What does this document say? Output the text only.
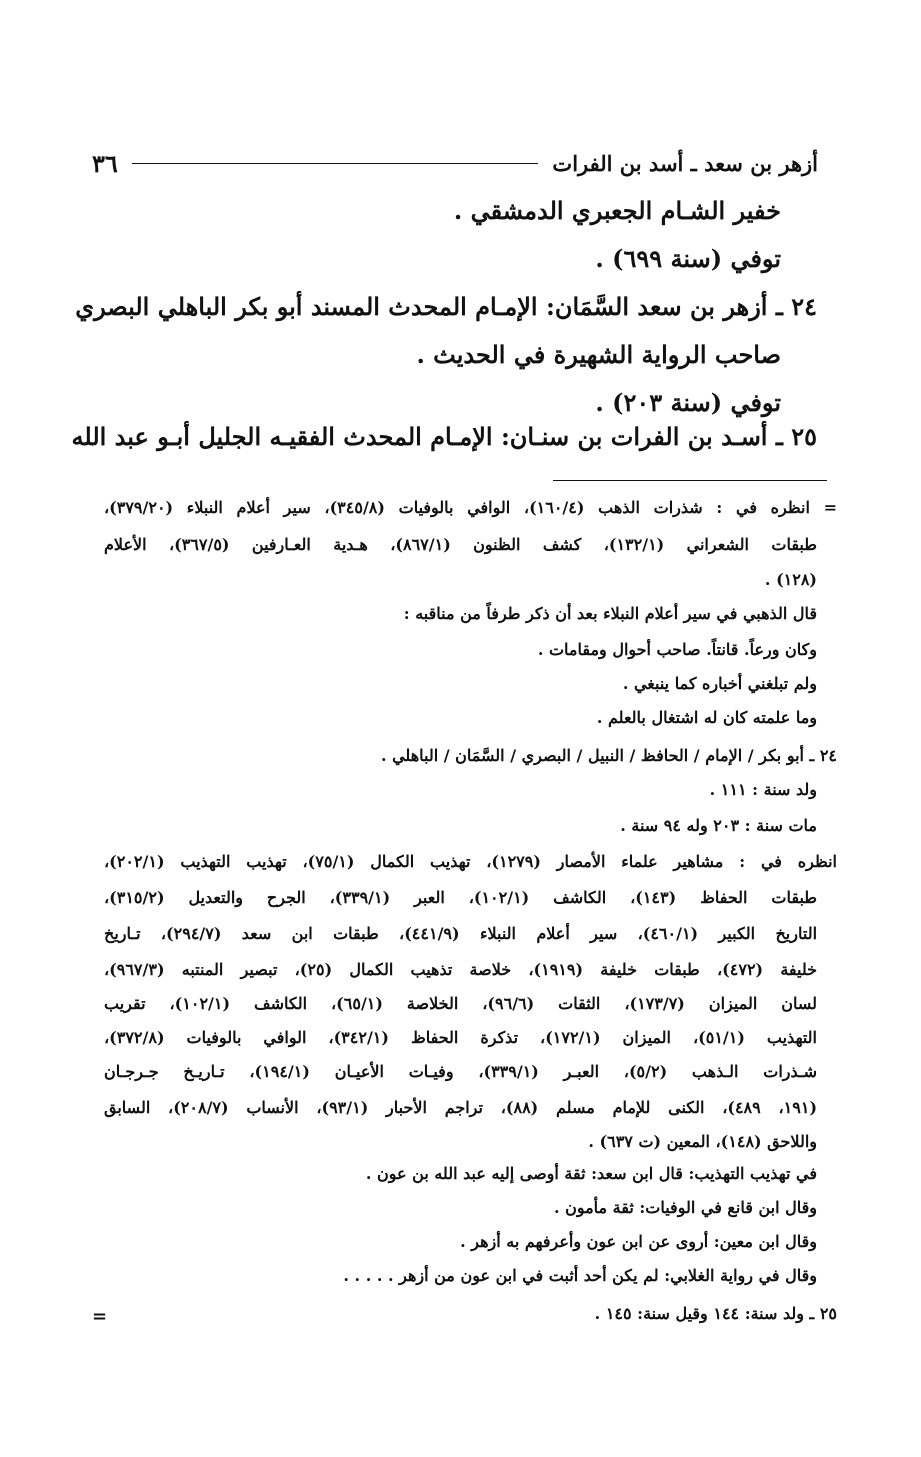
أزهر بن سعد ـ أسد بن الفرات
٣٦
خفير الشـام الجعبري الدمشقي .
توفي (سنة ٦٩٩) .
٢٤ ـ أزهر بن سعد السَّمَان: الإمـام المحدث المسند أبو بكر الباهلي البصري
صاحب الرواية الشهيرة في الحديث .
توفي (سنة ٢٠٣) .
٢٥ ـ أسـد بن الفرات بن سنـان: الإمـام المحدث الفقيـه الجليل أبـو عبد الله
= انظره في : شذرات الذهب (١٦٠/٤)، الوافي بالوفيات (٣٤٥/٨)، سير أعلام النبلاء (٣٧٩/٢٠)،
طبقات الشعراني (١٣٢/١)، كشف الظنون (٨٦٧/١)، هـدية العـارفين (٣٦٧/٥)، الأعلام
(١٢٨) .
قال الذهبي في سير أعلام النبلاء بعد أن ذكر طرفاً من مناقبه :
وكان ورعاً. قانتاً. صاحب أحوال ومقامات .
ولم تبلغني أخباره كما ينبغي .
وما علمته كان له اشتغال بالعلم .
٢٤ ـ أبو بكر / الإمام / الحافظ / النبيل / البصري / السَّمَان / الباهلي .
ولد سنة : ١١١ .
مات سنة : ٢٠٣ وله ٩٤ سنة .
انظره في : مشاهير علماء الأمصار (١٢٧٩)، تهذيب الكمال (٧٥/١)، تهذيب التهذيب (٢٠٢/١)،
طبقات الحفاظ (١٤٣)، الكاشف (١٠٢/١)، العبر (٣٣٩/١)، الجرح والتعديل (٣١٥/٢)،
التاريخ الكبير (٤٦٠/١)، سير أعلام النبلاء (٤٤١/٩)، طبقات ابن سعد (٢٩٤/٧)، تـاريخ
خليفة (٤٧٢)، طبقات خليفة (١٩١٩)، خلاصة تذهيب الكمال (٢٥)، تبصير المنتبه (٩٦٧/٣)،
لسان الميزان (١٧٣/٧)، الثقات (٩٦/٦)، الخلاصة (٦٥/١)، الكاشف (١٠٢/١)، تقريب
التهذيب (٥١/١)، الميزان (١٧٢/١)، تذكرة الحفاظ (٣٤٢/١)، الوافي بالوفيات (٣٧٢/٨)،
شـذرات الـذهب (٥/٢)، العبـر (٣٣٩/١)، وفيـات الأعيـان (١٩٤/١)، تـاريـخ جـرجـان
(١٩١، ٤٨٩)، الكنى للإمام مسلم (٨٨)، تراجم الأحبار (٩٣/١)، الأنساب (٢٠٨/٧)، السابق
واللاحق (١٤٨)، المعين (ت ٦٣٧) .
في تهذيب التهذيب: قال ابن سعد: ثقة أوصى إليه عبد الله بن عون .
وقال ابن قانع في الوفيات: ثقة مأمون .
وقال ابن معين: أروى عن ابن عون وأعرفهم به أزهر .
وقال في رواية الغلابي: لم يكن أحد أثبت في ابن عون من أزهر . . . . .
٢٥ ـ ولد سنة: ١٤٤ وقيل سنة: ١٤٥ .
=
